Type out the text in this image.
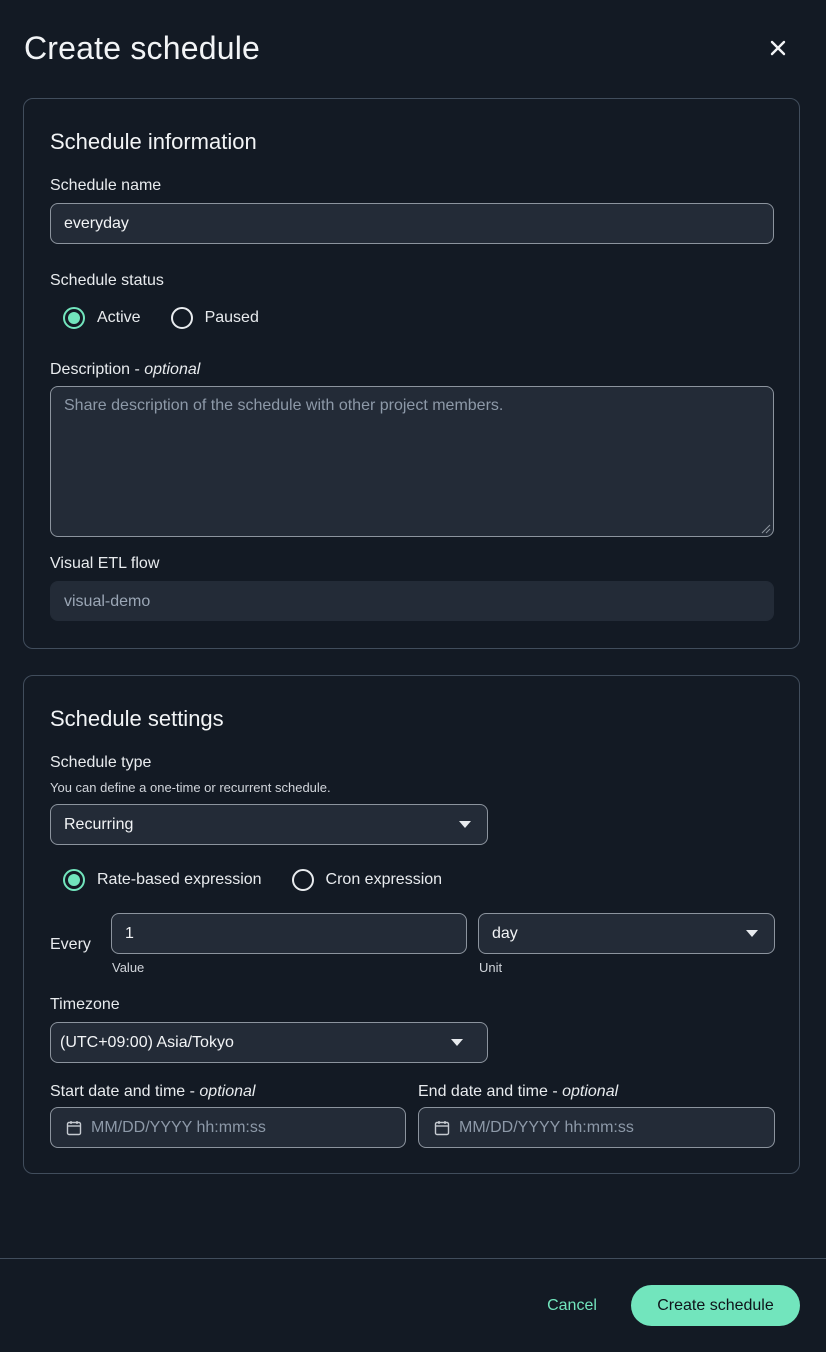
Create schedule
Schedule information
Schedule name
everyday
Schedule status
Active	Paused
Description - optional
Share description of the schedule with other project members.
Visual ETL flow
visual-demo
Schedule settings
Schedule type
You can define a one-time or recurrent schedule.
Recurring
Rate-based expression	Cron expression
Every
1
Value
day
Unit
Timezone
(UTC+09:00) Asia/Tokyo
Start date and time - optional
MM/DD/YYYY hh:mm:ss
End date and time - optional
MM/DD/YYYY hh:mm:ss
Cancel	Create schedule
